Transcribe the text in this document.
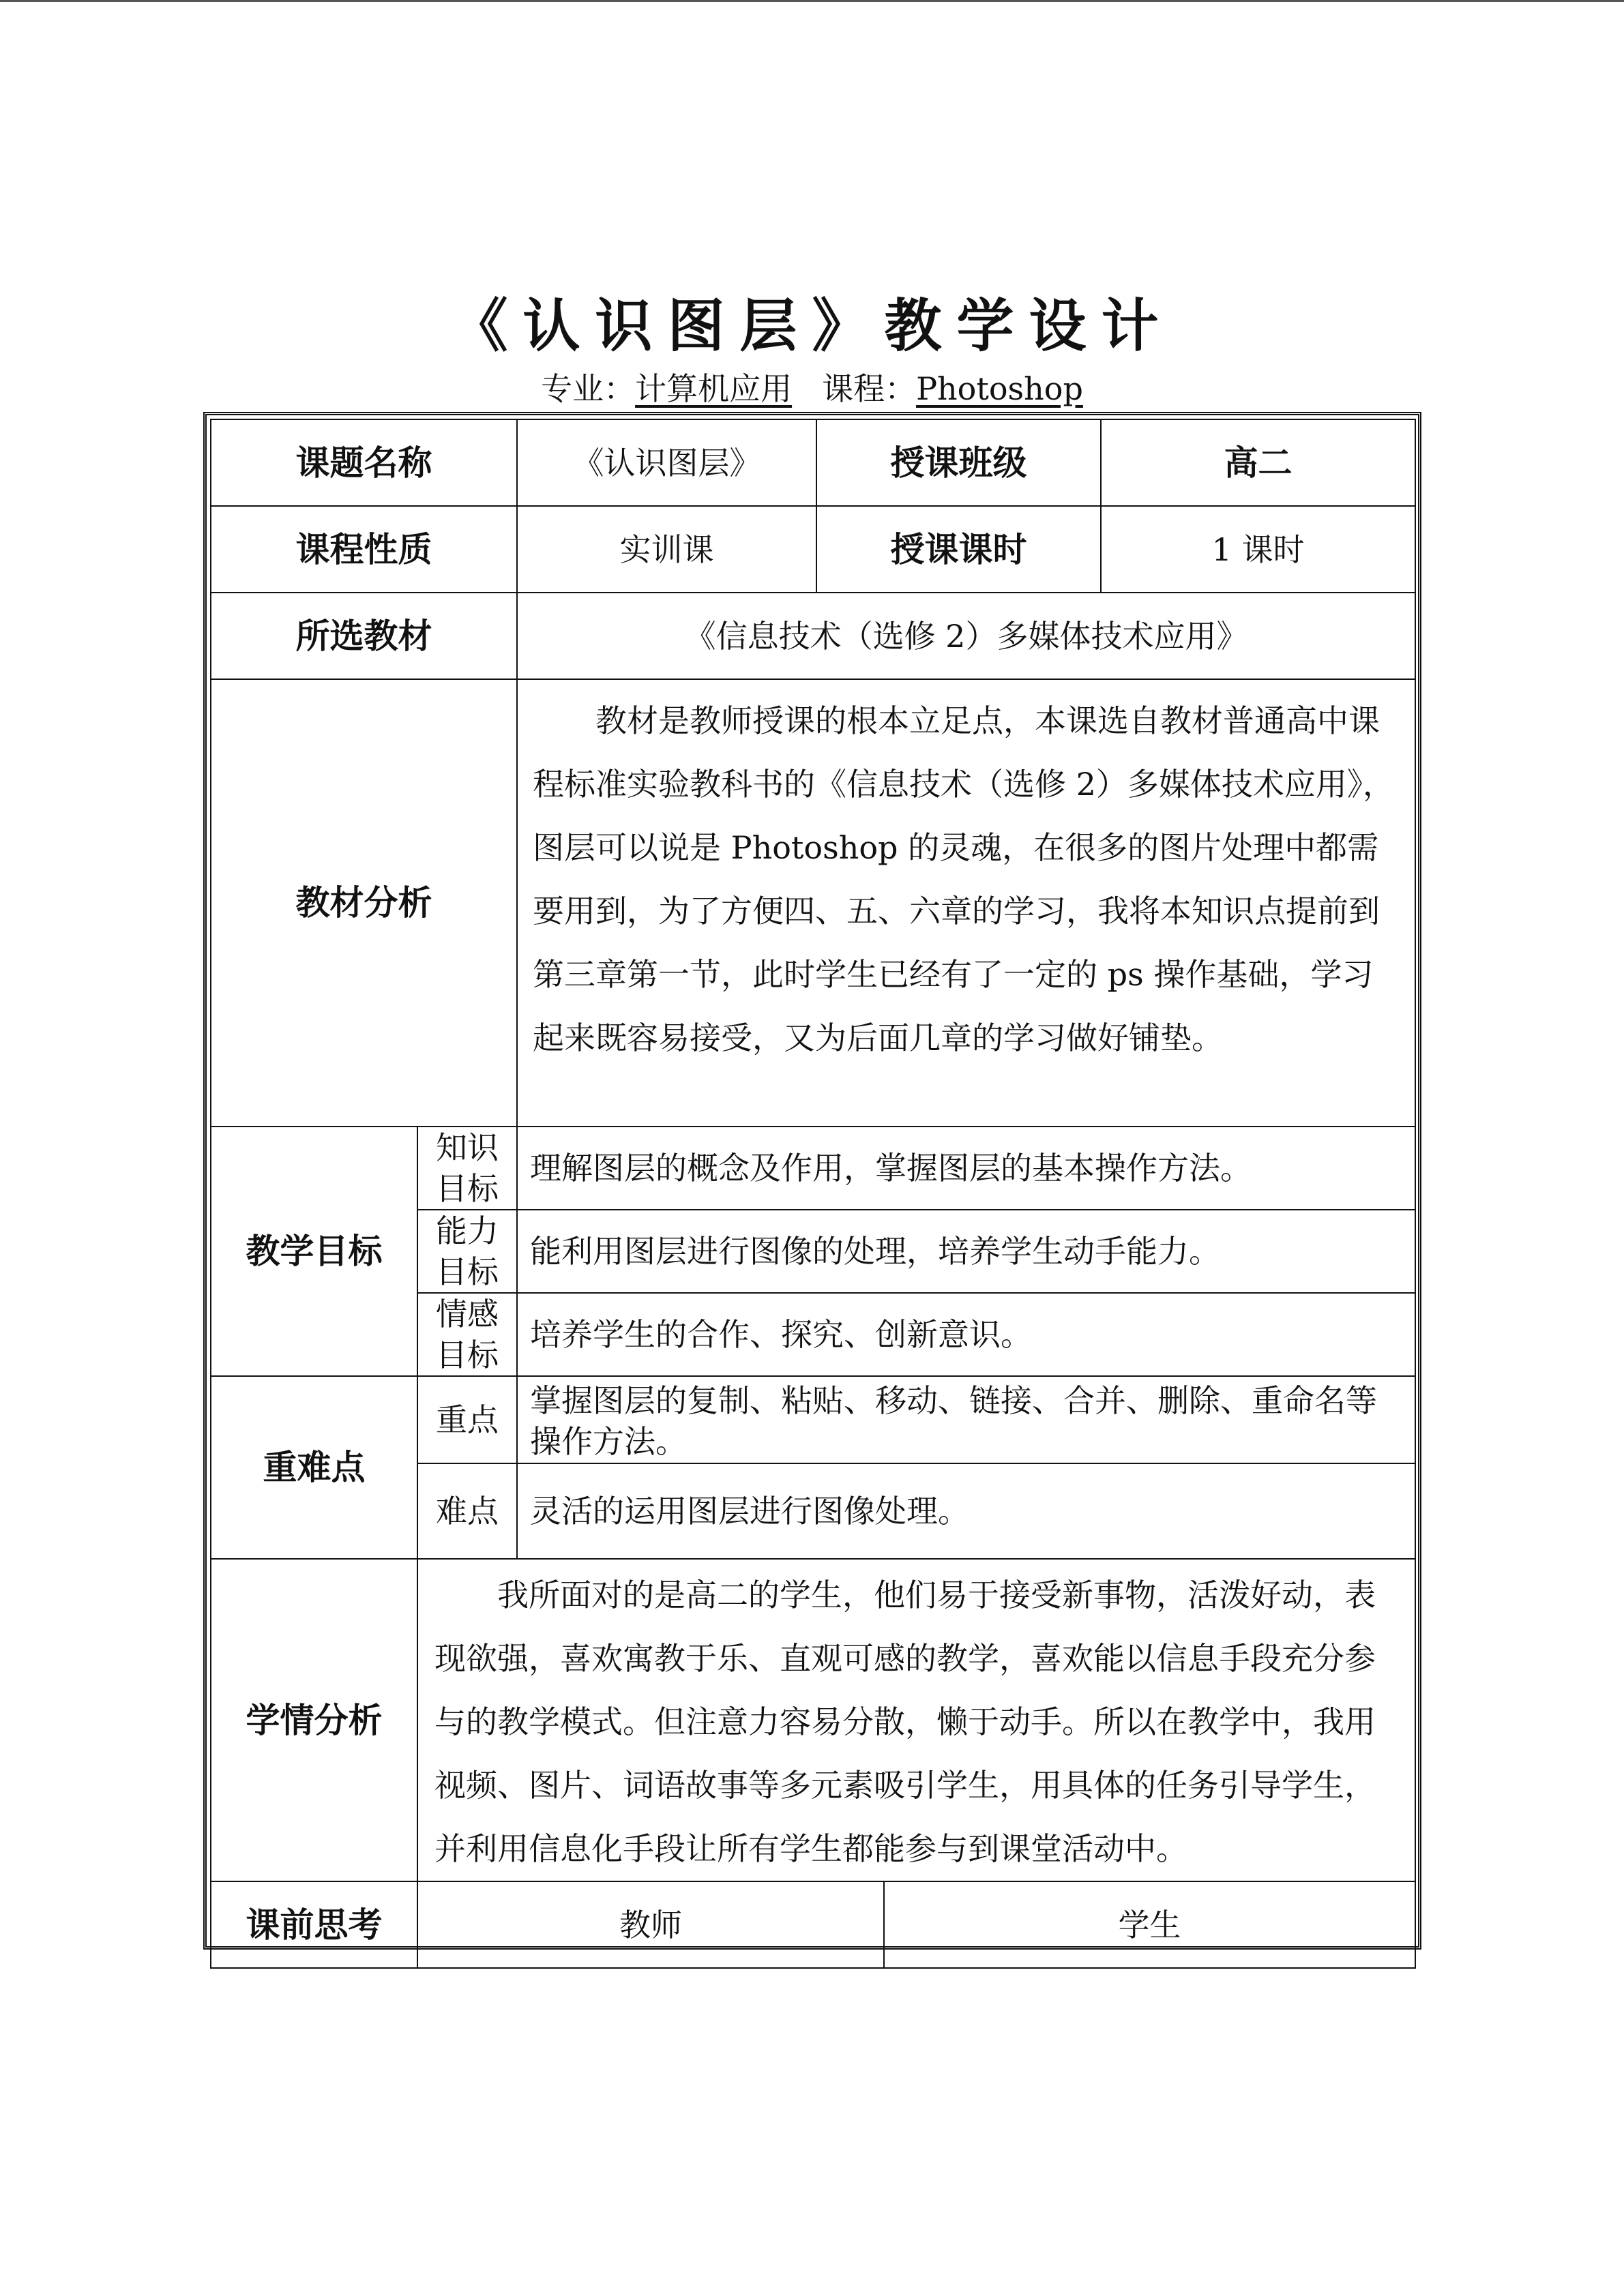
《认识图层》教学设计
专业：计算机应用 课程：Photoshop
课题名称		《认识图层》	授课班级		高二
课程性质		实训课	授课课时		1 课时
所选教材		《信息技术（选修 2）多媒体技术应用》			
教材分析		教材是教师授课的根本立足点，本课选自教材普通高中课程标准实验教科书的《信息技术（选修 2）多媒体技术应用》，图层可以说是 Photoshop 的灵魂，在很多的图片处理中都需要用到，为了方便四、五、六章的学习，我将本知识点提前到第三章第一节，此时学生已经有了一定的 ps 操作基础，学习起来既容易接受，又为后面几章的学习做好铺垫。			
教学目标	知识目标	理解图层的概念及作用，掌握图层的基本操作方法。			
	能力目标	能利用图层进行图像的处理，培养学生动手能力。			
	情感目标	培养学生的合作、探究、创新意识。			
重难点	重点	掌握图层的复制、粘贴、移动、链接、合并、删除、重命名等操作方法。			
	难点	灵活的运用图层进行图像处理。			
学情分析	我所面对的是高二的学生，他们易于接受新事物，活泼好动，表现欲强，喜欢寓教于乐、直观可感的教学，喜欢能以信息手段充分参与的教学模式。但注意力容易分散，懒于动手。所以在教学中，我用视频、图片、词语故事等多元素吸引学生，用具体的任务引导学生，并利用信息化手段让所有学生都能参与到课堂活动中。				
课前思考	教师			学生	
